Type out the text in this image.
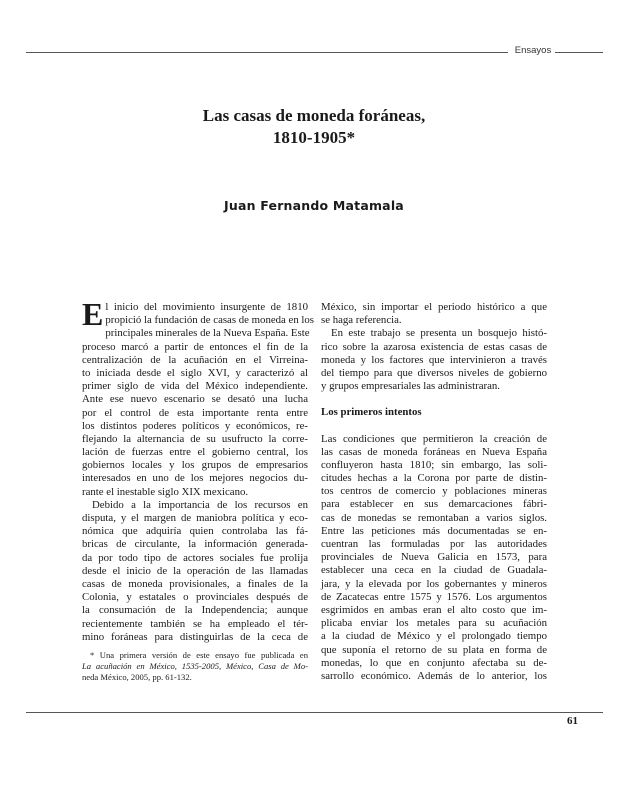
Ensayos
Las casas de moneda foráneas,
1810-1905*
Juan Fernando Matamala
E l inicio del movimiento insurgente de 1810
propició la fundación de casas de moneda en los
principales minerales de la Nueva España. Este
proceso marcó a partir de entonces el fin de la
centralización de la acuñación en el Virreina-
to iniciada desde el siglo XVI, y caracterizó al
primer siglo de vida del México independiente.
Ante ese nuevo escenario se desató una lucha
por el control de esta importante renta entre
los distintos poderes políticos y económicos, re-
flejando la alternancia de su usufructo la corre-
lación de fuerzas entre el gobierno central, los
gobiernos locales y los grupos de empresarios
interesados en uno de los mejores negocios du-
rante el inestable siglo XIX mexicano.
Debido a la importancia de los recursos en
disputa, y el margen de maniobra política y eco-
nómica que adquiría quien controlaba las fá-
bricas de circulante, la información generada-
da por todo tipo de actores sociales fue prolija
desde el inicio de la operación de las llamadas
casas de moneda provisionales, a finales de la
Colonia, y estatales o provinciales después de
la consumación de la Independencia; aunque
recientemente también se ha empleado el tér-
mino foráneas para distinguirlas de la ceca de
* Una primera versión de este ensayo fue publicada en
La acuñación en México, 1535-2005, México, Casa de Mo-
neda México, 2005, pp. 61-132.
México, sin importar el periodo histórico a que
se haga referencia.
En este trabajo se presenta un bosquejo histó-
rico sobre la azarosa existencia de estas casas de
moneda y los factores que intervinieron a través
del tiempo para que diversos niveles de gobierno
y grupos empresariales las administraran.
Los primeros intentos
Las condiciones que permitieron la creación de
las casas de moneda foráneas en Nueva España
confluyeron hasta 1810; sin embargo, las soli-
citudes hechas a la Corona por parte de distin-
tos centros de comercio y poblaciones mineras
para establecer en sus demarcaciones fábri-
cas de monedas se remontaban a varios siglos.
Entre las peticiones más documentadas se en-
cuentran las formuladas por las autoridades
provinciales de Nueva Galicia en 1573, para
establecer una ceca en la ciudad de Guadala-
jara, y la elevada por los gobernantes y mineros
de Zacatecas entre 1575 y 1576. Los argumentos
esgrimidos en ambas eran el alto costo que im-
plicaba enviar los metales para su acuñación
a la ciudad de México y el prolongado tiempo
que suponía el retorno de su plata en forma de
monedas, lo que en conjunto afectaba su de-
sarrollo económico. Además de lo anterior, los
61
